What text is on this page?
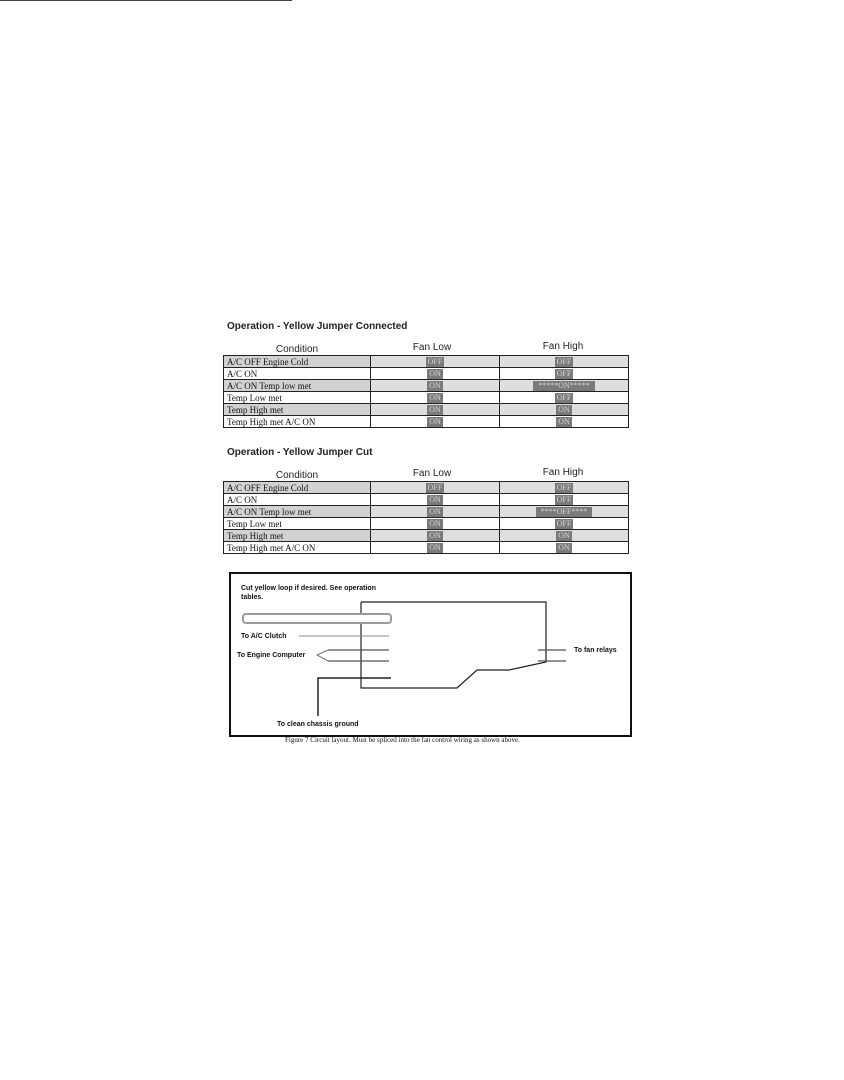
Operation - Yellow Jumper Connected
Condition	Fan Low	Fan High
A/C OFF Engine Cold	OFF	OFF
A/C ON	ON	OFF
A/C ON Temp low met	ON	*****ON*****
Temp Low met	ON	OFF
Temp High met	ON	ON
Temp High met A/C ON	ON	ON
Operation - Yellow Jumper Cut
Condition	Fan Low	Fan High
A/C OFF Engine Cold	OFF	OFF
A/C ON	ON	OFF
A/C ON Temp low met	ON	****OFF****
Temp Low met	ON	OFF
Temp High met	ON	ON
Temp High met A/C ON	ON	ON
Cut yellow loop if desired. See operation tables.
To A/C Clutch
To Engine Computer
To fan relays
To clean chassis ground
Figure 7 Circuit layout. Must be spliced into the fan control wiring as shown above.
